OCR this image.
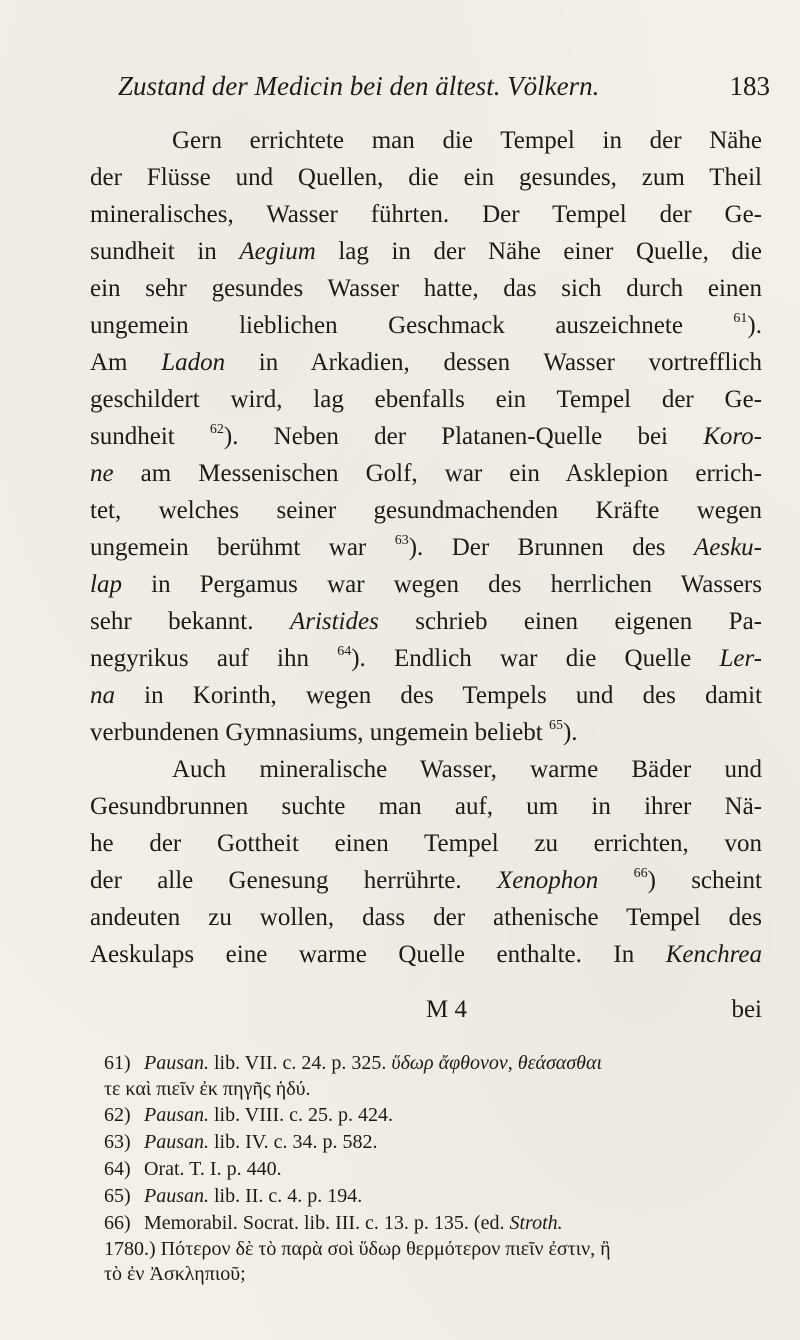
Zustand der Medicin bei den ältest. Völkern.	183
Gern errichtete man die Tempel in der Nähe
der Flüsse und Quellen, die ein gesundes, zum Theil
mineralisches, Wasser führten. Der Tempel der Ge-
sundheit in Aegium lag in der Nähe einer Quelle, die
ein sehr gesundes Wasser hatte, das sich durch einen
ungemein lieblichen Geschmack auszeichnete $^{61}$).
Am Ladon in Arkadien, dessen Wasser vortrefflich
geschildert wird, lag ebenfalls ein Tempel der Ge-
sundheit $^{62}$). Neben der Platanen-Quelle bei Koro-
ne am Messenischen Golf, war ein Asklepion errich-
tet, welches seiner gesundmachenden Kräfte wegen
ungemein berühmt war $^{63}$). Der Brunnen des Aesku-
lap in Pergamus war wegen des herrlichen Wassers
sehr bekannt. Aristides schrieb einen eigenen Pa-
negyrikus auf ihn $^{64}$). Endlich war die Quelle Ler-
na in Korinth, wegen des Tempels und des damit
verbundenen Gymnasiums, ungemein beliebt $^{65}$).
Auch mineralische Wasser, warme Bäder und
Gesundbrunnen suchte man auf, um in ihrer Nä-
he der Gottheit einen Tempel zu errichten, von
der alle Genesung herrührte. Xenophon	$^{66}$) scheint
andeuten zu wollen, dass der athenische Tempel des
Aeskulaps eine warme Quelle enthalte. In Kenchrea
M 4	bei
61) Pausan. lib. VII. c. 24. p. 325. ὕδωρ ἄφθονον, θεάσασθαι
τε καὶ πιεῖν ἐκ πηγῆς ἡδύ.
62) Pausan. lib. VIII. c. 25. p. 424.
63) Pausan. lib. IV. c. 34. p. 582.
64) Orat. T. I. p. 440.
65) Pausan. lib. II. c. 4. p. 194.
66) Memorabil. Socrat. lib. III. c. 13. p. 135. (ed. Stroth.
1780.) Πότερον δὲ τὸ παρὰ σοὶ ὕδωρ θερμότερον πιεῖν ἐστιν, ἢ
τὸ ἐν Ἀσκληπιοῦ;
